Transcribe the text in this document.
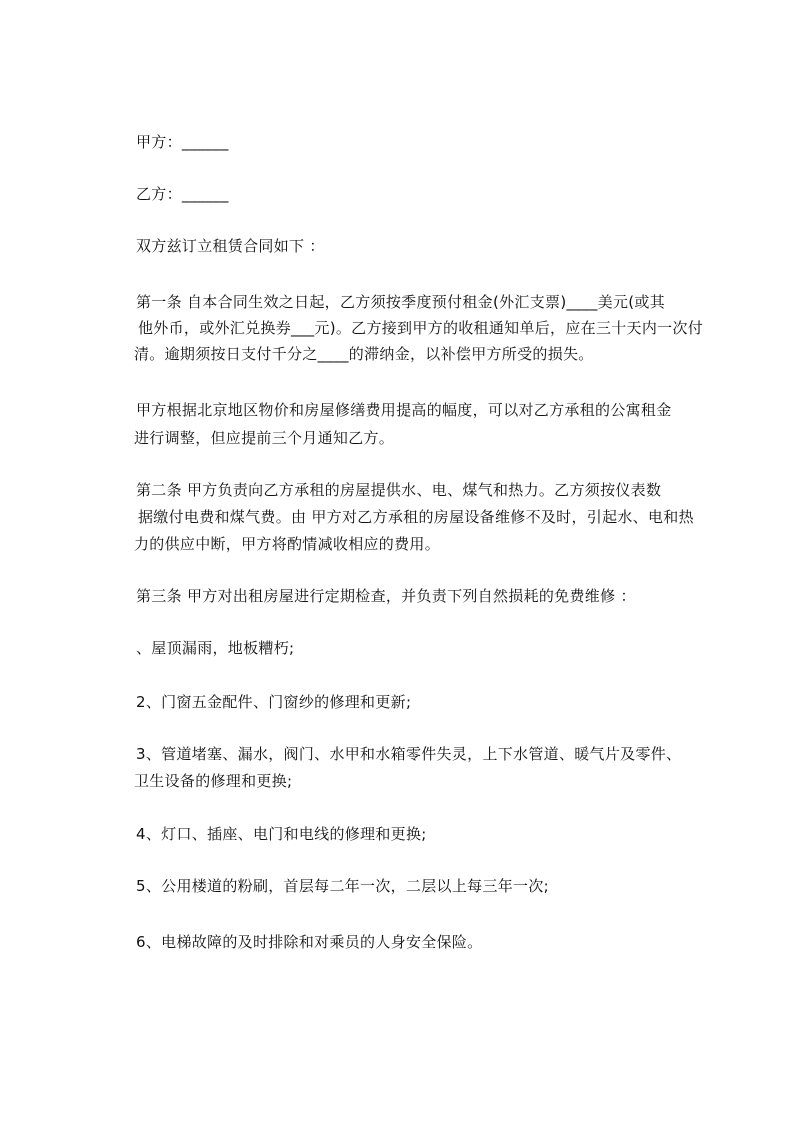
甲方：______
乙方：______
双方兹订立租赁合同如下 ：
第一条 自本合同生效之日起，乙方须按季度预付租金(外汇支票)____美元(或其
他外币，或外汇兑换券___元)。乙方接到甲方的收租通知单后，应在三十天内一次付
清。逾期须按日支付千分之____的滞纳金，以补偿甲方所受的损失。
甲方根据北京地区物价和房屋修缮费用提高的幅度，可以对乙方承租的公寓租金
进行调整，但应提前三个月通知乙方。
第二条 甲方负责向乙方承租的房屋提供水、电、煤气和热力。乙方须按仪表数
据缴付电费和煤气费。由 甲方对乙方承租的房屋设备维修不及时，引起水、电和热
力的供应中断，甲方将酌情减收相应的费用。
第三条 甲方对出租房屋进行定期检查，并负责下列自然损耗的免费维修 ：
、屋顶漏雨，地板糟朽;
2、门窗五金配件、门窗纱的修理和更新;
3、管道堵塞、漏水，阀门、水甲和水箱零件失灵，上下水管道、暖气片及零件、
卫生设备的修理和更换;
4、灯口、插座、电门和电线的修理和更换;
5、公用楼道的粉刷，首层每二年一次，二层以上每三年一次;
6、电梯故障的及时排除和对乘员的人身安全保险。
